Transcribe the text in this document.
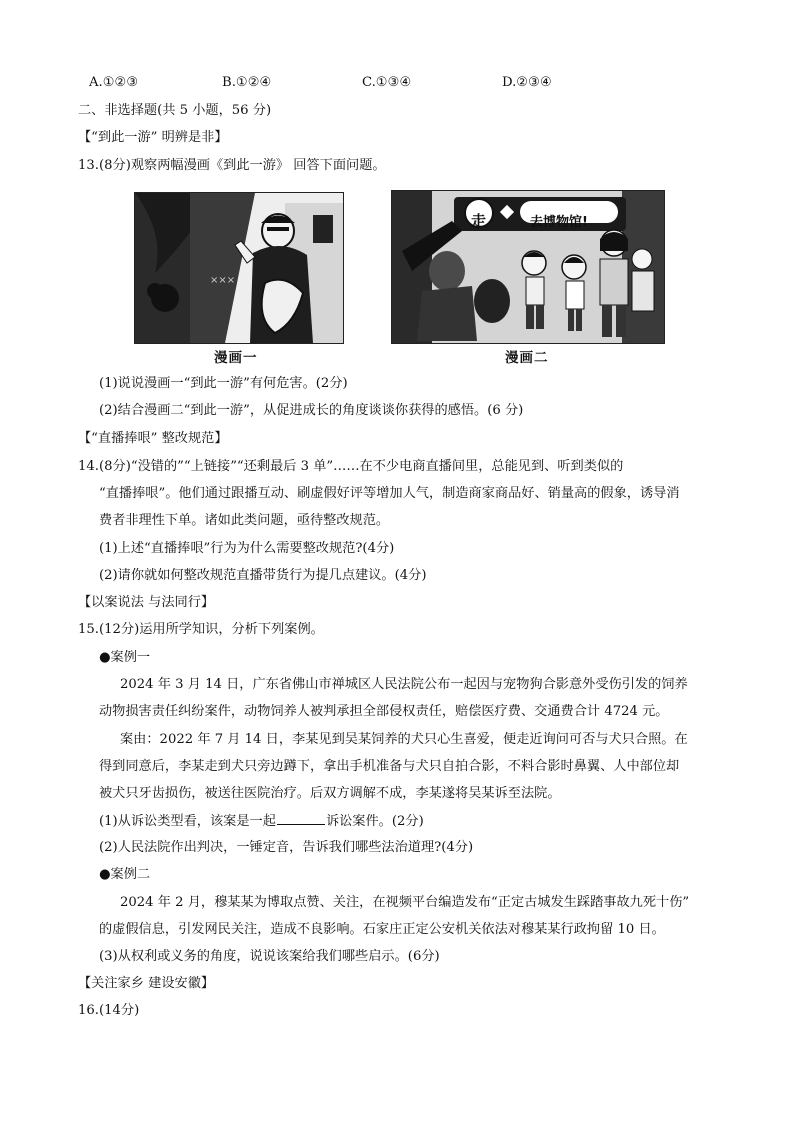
A.①②③	B.①②④	C.①③④	D.②③④
二、非选择题(共 5 小题，56 分)
【“到此一游” 明辨是非】
13.(8分)观察两幅漫画《到此一游》 回答下面问题。
×××
漫画一
走	去博物馆!
漫画二
(1)说说漫画一“到此一游”有何危害。(2分)
(2)结合漫画二“到此一游”，从促进成长的角度谈谈你获得的感悟。(6 分)
【“直播捧哏” 整改规范】
14.(8分)“没错的”“上链接”“还剩最后 3 单”……在不少电商直播间里，总能见到、听到类似的
“直播捧哏”。他们通过跟播互动、刷虚假好评等增加人气，制造商家商品好、销量高的假象，诱导消
费者非理性下单。诸如此类问题，亟待整改规范。
(1)上述“直播捧哏”行为为什么需要整改规范?(4分)
(2)请你就如何整改规范直播带货行为提几点建议。(4分)
【以案说法 与法同行】
15.(12分)运用所学知识，分析下列案例。
●案例一
2024 年 3 月 14 日，广东省佛山市禅城区人民法院公布一起因与宠物狗合影意外受伤引发的饲养
动物损害责任纠纷案件，动物饲养人被判承担全部侵权责任，赔偿医疗费、交通费合计 4724 元。
案由：2022 年 7 月 14 日，李某见到吴某饲养的犬只心生喜爱，便走近询问可否与犬只合照。在
得到同意后，李某走到犬只旁边蹲下，拿出手机准备与犬只自拍合影，不料合影时鼻翼、人中部位却
被犬只牙齿损伤，被送往医院治疗。后双方调解不成，李某遂将吴某诉至法院。
(1)从诉讼类型看，该案是一起	诉讼案件。(2分)
(2)人民法院作出判决，一锤定音，告诉我们哪些法治道理?(4分)
●案例二
2024 年 2 月，穆某某为博取点赞、关注，在视频平台编造发布“正定古城发生踩踏事故九死十伤”
的虚假信息，引发网民关注，造成不良影响。石家庄正定公安机关依法对穆某某行政拘留 10 日。
(3)从权利或义务的角度，说说该案给我们哪些启示。(6分)
【关注家乡 建设安徽】
16.(14分)
